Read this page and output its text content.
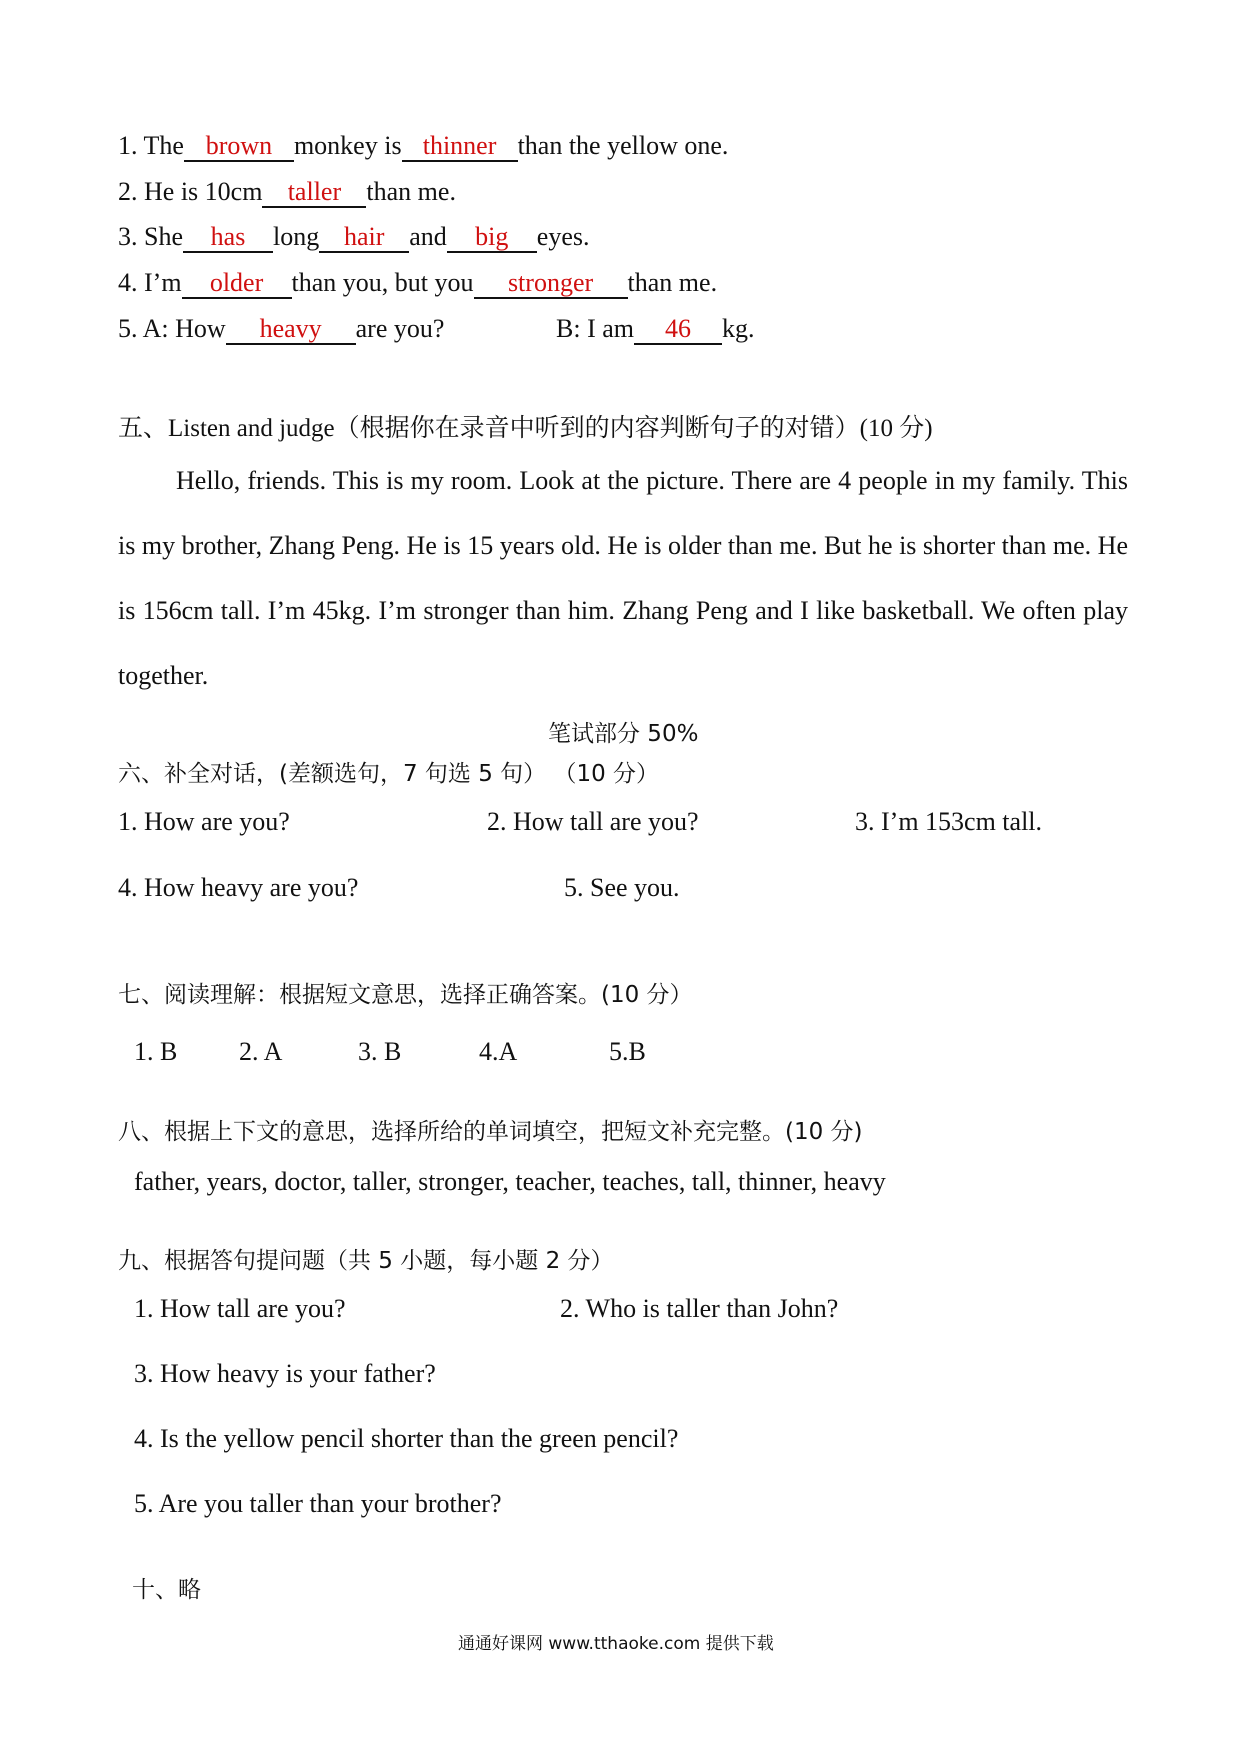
1. The brown monkey is thinner than the yellow one.
2. He is 10cm taller than me.
3. She has long hair and big eyes.
4. I’m older than you, but you stronger than me.
5. A: How heavy are you?	B: I am 46 kg.
五、Listen and judge（根据你在录音中听到的内容判断句子的对错）(10 分)
Hello, friends. This is my room. Look at the picture. There are 4 people in my family. This is my brother, Zhang Peng. He is 15 years old. He is older than me. But he is shorter than me. He is 156cm tall. I’m 45kg. I’m stronger than him. Zhang Peng and I like basketball. We often play together.
笔试部分 50%
六、补全对话，(差额选句，7 句选 5 句） （10 分）
1. How are you?	2. How tall are you?	3. I’m 153cm tall.
4. How heavy are you?	5. See you.
七、阅读理解：根据短文意思，选择正确答案。(10 分）
1. B 2. A	3. B	4.A	5.B
八、根据上下文的意思，选择所给的单词填空，把短文补充完整。(10 分)
father, years, doctor, taller, stronger, teacher, teaches, tall, thinner, heavy
九、根据答句提问题（共 5 小题，每小题 2 分）
1. How tall are you?	2. Who is taller than John?
3. How heavy is your father?
4. Is the yellow pencil shorter than the green pencil?
5. Are you taller than your brother?
十、略
通通好课网 www.tthaoke.com 提供下载
